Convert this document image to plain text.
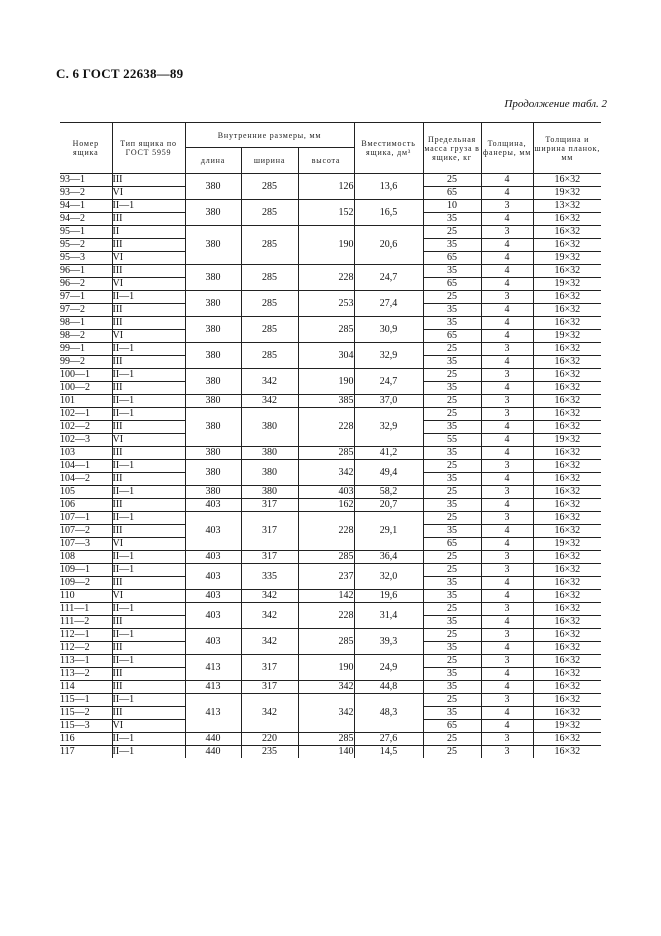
С. 6 ГОСТ 22638—89
Продолжение табл. 2
Номер ящика	Тип ящика по ГОСТ 5959	Внутренние размеры, мм			Вместимость ящика, дм³	Предельная масса груза в ящике, кг	Толщина, фанеры, мм	Толщина и ширина планок, мм
		длина	ширина	высота				
93—1	III	380	285	126	13,6	25	4	16×32
93—2	VI					65	4	19×32
94—1	II—1	380	285	152	16,5	10	3	13×32
94—2	III					35	4	16×32
95—1	II	380	285	190	20,6	25	3	16×32
95—2	III					35	4	16×32
95—3	VI					65	4	19×32
96—1	III	380	285	228	24,7	35	4	16×32
96—2	VI					65	4	19×32
97—1	II—1	380	285	253	27,4	25	3	16×32
97—2	III					35	4	16×32
98—1	III	380	285	285	30,9	35	4	16×32
98—2	VI					65	4	19×32
99—1	II—1	380	285	304	32,9	25	3	16×32
99—2	III					35	4	16×32
100—1	II—1	380	342	190	24,7	25	3	16×32
100—2	III					35	4	16×32
101	II—1	380	342	385	37,0	25	3	16×32
102—1	II—1	380	380	228	32,9	25	3	16×32
102—2	III					35	4	16×32
102—3	VI					55	4	19×32
103	III	380	380	285	41,2	35	4	16×32
104—1	II—1	380	380	342	49,4	25	3	16×32
104—2	III					35	4	16×32
105	II—1	380	380	403	58,2	25	3	16×32
106	III	403	317	162	20,7	35	4	16×32
107—1	II—1	403	317	228	29,1	25	3	16×32
107—2	III					35	4	16×32
107—3	VI					65	4	19×32
108	II—1	403	317	285	36,4	25	3	16×32
109—1	II—1	403	335	237	32,0	25	3	16×32
109—2	III					35	4	16×32
110	VI	403	342	142	19,6	35	4	16×32
111—1	II—1	403	342	228	31,4	25	3	16×32
111—2	III					35	4	16×32
112—1	II—1	403	342	285	39,3	25	3	16×32
112—2	III					35	4	16×32
113—1	II—1	413	317	190	24,9	25	3	16×32
113—2	III					35	4	16×32
114	III	413	317	342	44,8	35	4	16×32
115—1	II—1	413	342	342	48,3	25	3	16×32
115—2	III					35	4	16×32
115—3	VI					65	4	19×32
116	II—1	440	220	285	27,6	25	3	16×32
117	II—1	440	235	140	14,5	25	3	16×32
